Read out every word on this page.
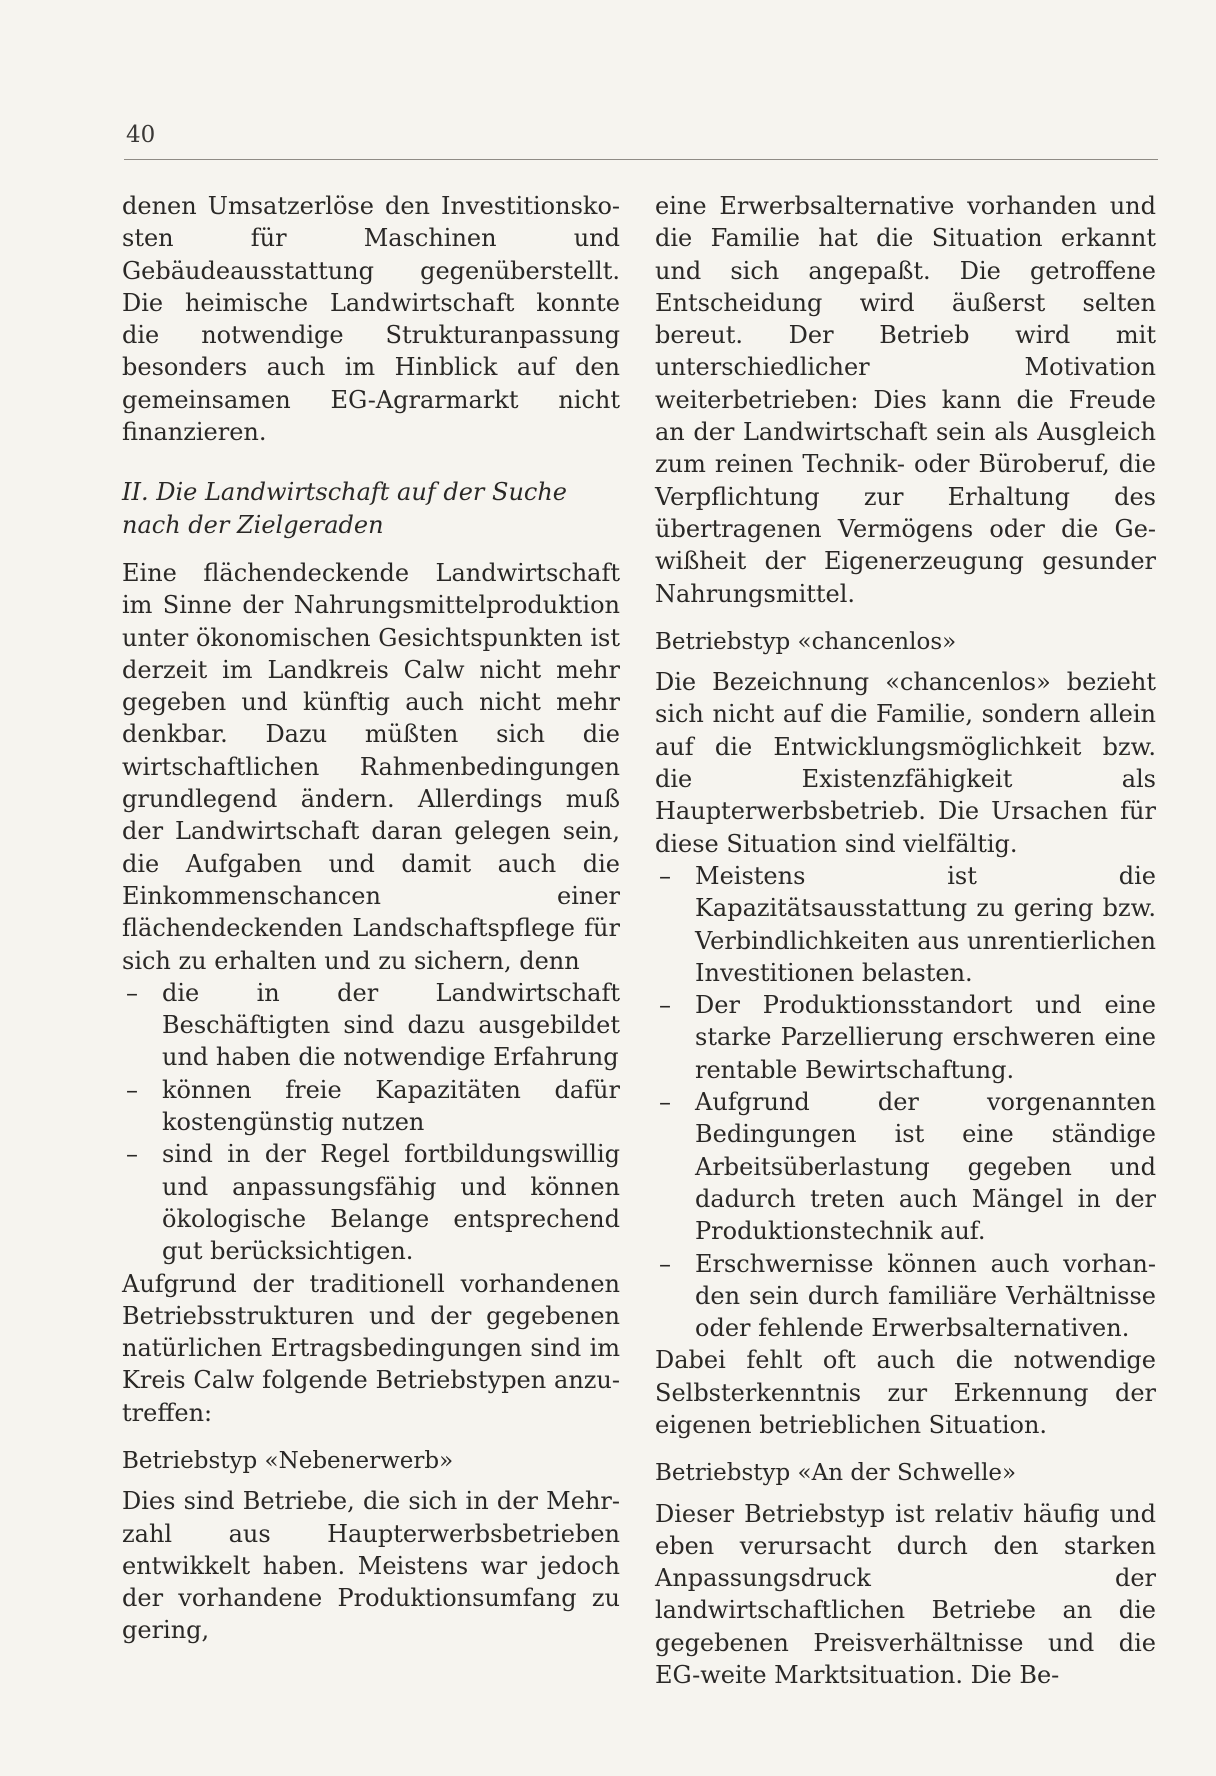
40

denen Umsatzerlöse den Investitionskosten für Maschinen und Gebäudeausstattung gegenüberstellt. Die heimische Landwirtschaft konnte die notwendige Strukturanpassung besonders auch im Hinblick auf den gemeinsamen EG-Agrarmarkt nicht finanzieren.

II. Die Landwirtschaft auf der Suche nach der Zielgeraden

Eine flächendeckende Landwirtschaft im Sinne der Nahrungsmittelproduktion unter ökonomischen Gesichtspunkten ist derzeit im Landkreis Calw nicht mehr gegeben und künftig auch nicht mehr denkbar. Dazu müßten sich die wirtschaftlichen Rahmenbedingungen grundlegend ändern. Allerdings muß der Landwirtschaft daran gelegen sein, die Aufgaben und damit auch die Einkommenschancen einer flächendeckenden Landschaftspflege für sich zu erhalten und zu sichern, denn

– die in der Landwirtschaft Beschäftigten sind dazu ausgebildet und haben die notwendige Erfahrung
– können freie Kapazitäten dafür kostengünstig nutzen
– sind in der Regel fortbildungswillig und anpassungsfähig und können ökologische Belange entsprechend gut berücksichtigen.

Aufgrund der traditionell vorhandenen Betriebsstrukturen und der gegebenen natürlichen Ertragsbedingungen sind im Kreis Calw folgende Betriebstypen anzutreffen:

Betriebstyp «Nebenerwerb»

Dies sind Betriebe, die sich in der Mehrzahl aus Haupterwerbsbetrieben entwikkelt haben. Meistens war jedoch der vorhandene Produktionsumfang zu gering,

eine Erwerbsalternative vorhanden und die Familie hat die Situation erkannt und sich angepaßt. Die getroffene Entscheidung wird äußerst selten bereut. Der Betrieb wird mit unterschiedlicher Motivation weiterbetrieben: Dies kann die Freude an der Landwirtschaft sein als Ausgleich zum reinen Technik- oder Büroberuf, die Verpflichtung zur Erhaltung des übertragenen Vermögens oder die Gewißheit der Eigenerzeugung gesunder Nahrungsmittel.

Betriebstyp «chancenlos»

Die Bezeichnung «chancenlos» bezieht sich nicht auf die Familie, sondern allein auf die Entwicklungsmöglichkeit bzw. die Existenzfähigkeit als Haupterwerbsbetrieb. Die Ursachen für diese Situation sind vielfältig.

– Meistens ist die Kapazitätsausstattung zu gering bzw. Verbindlichkeiten aus unrentierlichen Investitionen belasten.
– Der Produktionsstandort und eine starke Parzellierung erschweren eine rentable Bewirtschaftung.
– Aufgrund der vorgenannten Bedingungen ist eine ständige Arbeitsüberlastung gegeben und dadurch treten auch Mängel in der Produktionstechnik auf.
– Erschwernisse können auch vorhanden sein durch familiäre Verhältnisse oder fehlende Erwerbsalternativen.

Dabei fehlt oft auch die notwendige Selbsterkenntnis zur Erkennung der eigenen betrieblichen Situation.

Betriebstyp «An der Schwelle»

Dieser Betriebstyp ist relativ häufig und eben verursacht durch den starken Anpassungsdruck der landwirtschaftlichen Betriebe an die gegebenen Preisverhältnisse und die EG-weite Marktsituation. Die Be-
